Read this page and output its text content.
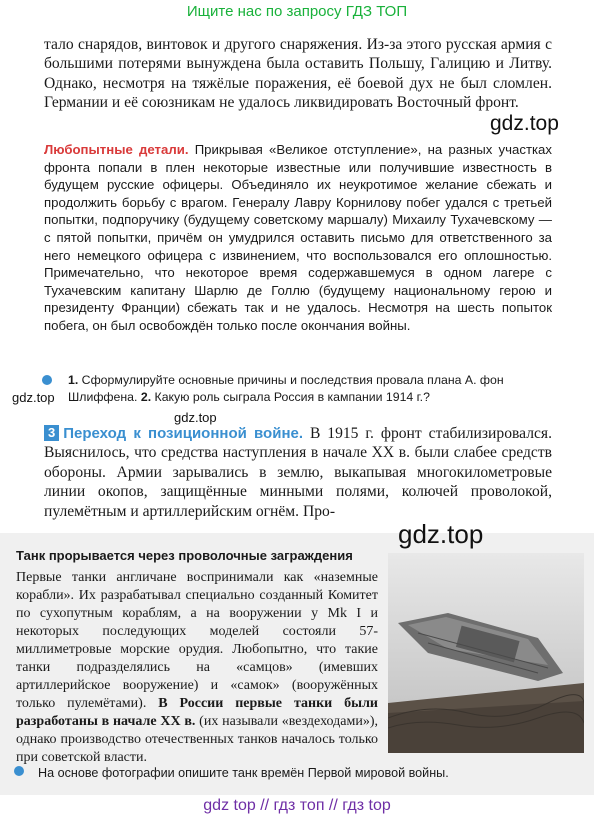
Ищите нас по запросу ГДЗ ТОП
gdz.top
gdz.top
gdz.top
gdz.top

тало снарядов, винтовок и другого снаряжения. Из-за этого русская армия с большими потерями вынуждена была оставить Польшу, Галицию и Литву. Однако, несмотря на тяжёлые поражения, её боевой дух не был сломлен. Германии и её союзникам не удалось ликвидировать Восточный фронт.

Любопытные детали. Прикрывая «Великое отступление», на разных участках фронта попали в плен некоторые известные или получившие известность в будущем русские офицеры. Объединяло их неукротимое желание сбежать и продолжить борьбу с врагом. Генералу Лавру Корнилову побег удался с третьей попытки, подпоручику (будущему советскому маршалу) Михаилу Тухачевскому — с пятой попытки, причём он умудрился оставить письмо для ответственного за него немецкого офицера с извинением, что воспользовался его оплошностью. Примечательно, что некоторое время содержавшемуся в одном лагере с Тухачевским капитану Шарлю де Голлю (будущему национальному герою и президенту Франции) сбежать так и не удалось. Несмотря на шесть попыток побега, он был освобождён только после окончания войны.

1. Сформулируйте основные причины и последствия провала плана А. фон Шлиффена. 2. Какую роль сыграла Россия в кампании 1914 г.?

3 Переход к позиционной войне. В 1915 г. фронт стабилизировался. Выяснилось, что средства наступления в начале XX в. были слабее средств обороны. Армии зарывались в землю, выкапывая многокилометровые линии окопов, защищённые минными полями, колючей проволокой, пулемётным и артиллерийским огнём. Про-

Танк прорывается через проволочные заграждения

Первые танки англичане воспринимали как «наземные корабли». Их разрабатывал специально созданный Комитет по сухопутным кораблям, а на вооружении у Mk I и некоторых последующих моделей состояли 57-миллиметровые морские орудия. Любопытно, что такие танки подразделялись на «самцов» (имевших артиллерийское вооружение) и «самок» (вооружённых только пулемётами). В России первые танки были разработаны в начале XX в. (их называли «вездеходами»), однако производство отечественных танков началось только при советской власти.

На основе фотографии опишите танк времён Первой мировой войны.

gdz top // гдз топ // гдз top
